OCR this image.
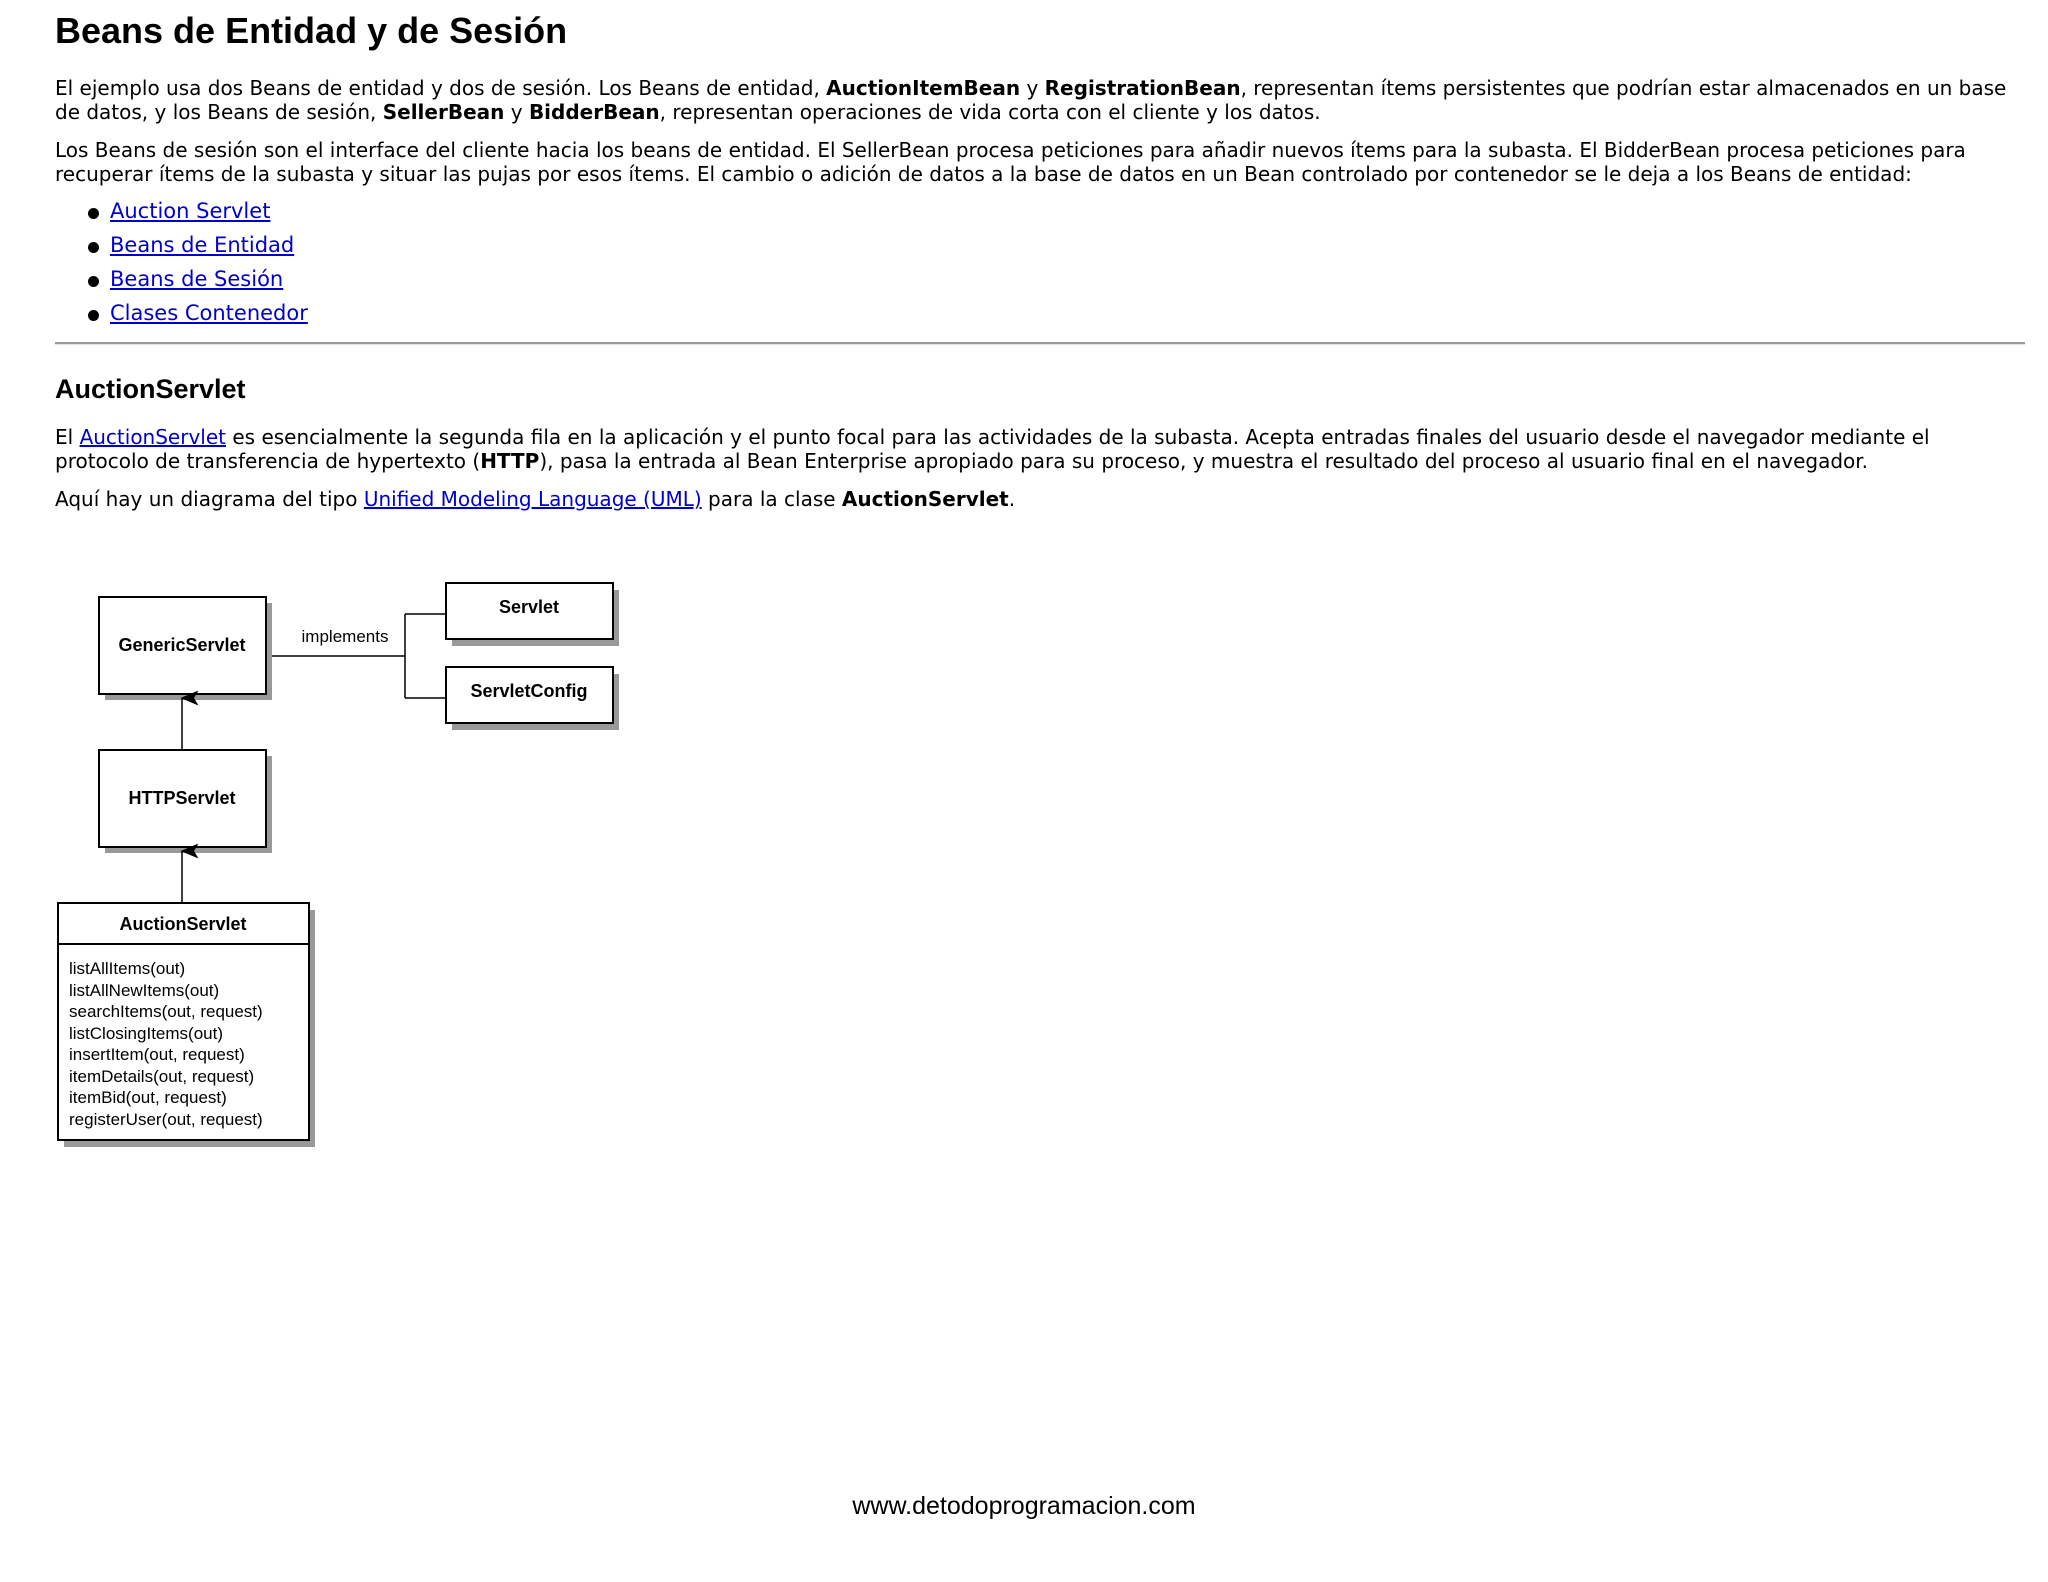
Beans de Entidad y de Sesión

El ejemplo usa dos Beans de entidad y dos de sesión. Los Beans de entidad, AuctionItemBean y RegistrationBean, representan ítems persistentes que podrían estar almacenados en un base de datos, y los Beans de sesión, SellerBean y BidderBean, representan operaciones de vida corta con el cliente y los datos.

Los Beans de sesión son el interface del cliente hacia los beans de entidad. El SellerBean procesa peticiones para añadir nuevos ítems para la subasta. El BidderBean procesa peticiones para recuperar ítems de la subasta y situar las pujas por esos ítems. El cambio o adición de datos a la base de datos en un Bean controlado por contenedor se le deja a los Beans de entidad:

Auction Servlet
Beans de Entidad
Beans de Sesión
Clases Contenedor
AuctionServlet

El AuctionServlet es esencialmente la segunda fila en la aplicación y el punto focal para las actividades de la subasta. Acepta entradas finales del usuario desde el navegador mediante el protocolo de transferencia de hypertexto (HTTP), pasa la entrada al Bean Enterprise apropiado para su proceso, y muestra el resultado del proceso al usuario final en el navegador.

Aquí hay un diagrama del tipo Unified Modeling Language (UML) para la clase AuctionServlet.

GenericServlet	implements
Servlet
ServletConfig
HTTPServlet
AuctionServlet
listAllItems(out)
listAllNewItems(out)
searchItems(out, request)
listClosingItems(out)
insertItem(out, request)
itemDetails(out, request)
itemBid(out, request)
registerUser(out, request)
www.detodoprogramacion.com
